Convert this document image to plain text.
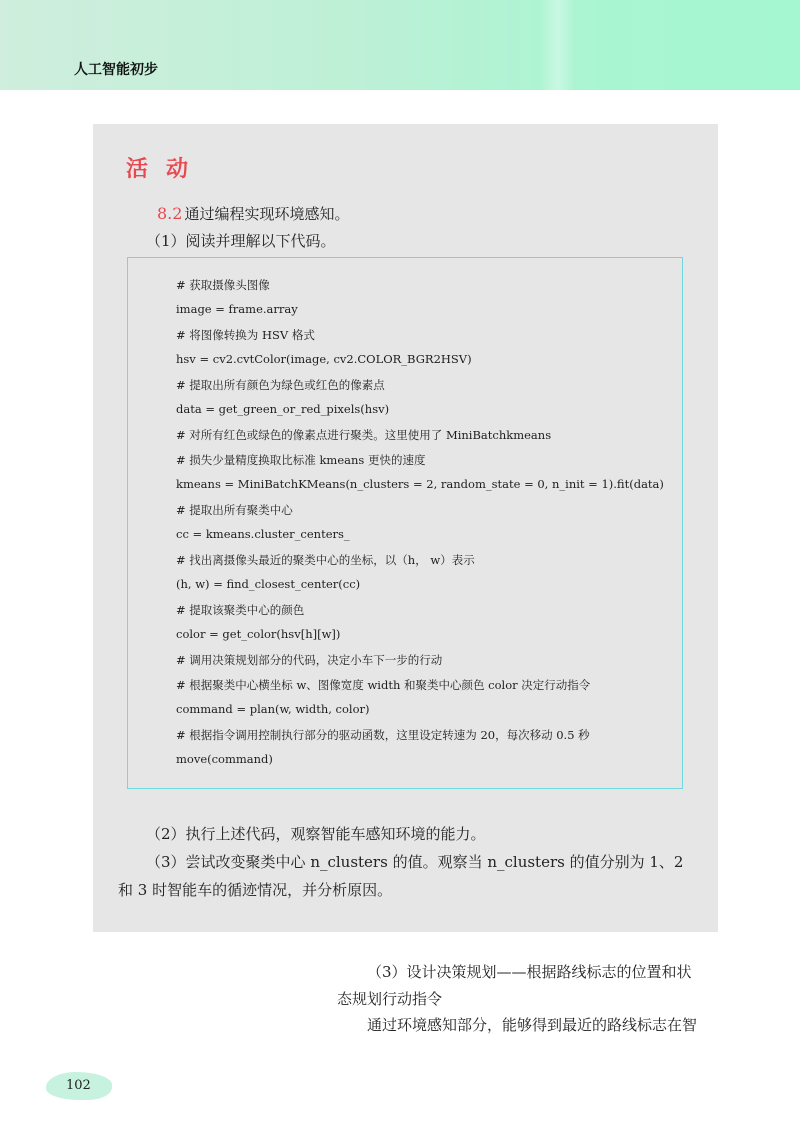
人工智能初步
活动
8.2 通过编程实现环境感知。
（1）阅读并理解以下代码。
# 获取摄像头图像
image = frame.array
# 将图像转换为 HSV 格式
hsv = cv2.cvtColor(image, cv2.COLOR_BGR2HSV)
# 提取出所有颜色为绿色或红色的像素点
data = get_green_or_red_pixels(hsv)
# 对所有红色或绿色的像素点进行聚类。这里使用了 MiniBatchkmeans
# 损失少量精度换取比标准 kmeans 更快的速度
kmeans = MiniBatchKMeans(n_clusters = 2, random_state = 0, n_init = 1).fit(data)
# 提取出所有聚类中心
cc = kmeans.cluster_centers_
# 找出离摄像头最近的聚类中心的坐标，以（h， w）表示
(h, w) = find_closest_center(cc)
# 提取该聚类中心的颜色
color = get_color(hsv[h][w])
# 调用决策规划部分的代码，决定小车下一步的行动
# 根据聚类中心横坐标 w、图像宽度 width 和聚类中心颜色 color 决定行动指令
command = plan(w, width, color)
# 根据指令调用控制执行部分的驱动函数，这里设定转速为 20，每次移动 0.5 秒
move(command)
（2）执行上述代码，观察智能车感知环境的能力。
（3）尝试改变聚类中心 n_clusters 的值。观察当 n_clusters 的值分别为 1、2
和 3 时智能车的循迹情况，并分析原因。
（3）设计决策规划——根据路线标志的位置和状
态规划行动指令
通过环境感知部分，能够得到最近的路线标志在智
102
